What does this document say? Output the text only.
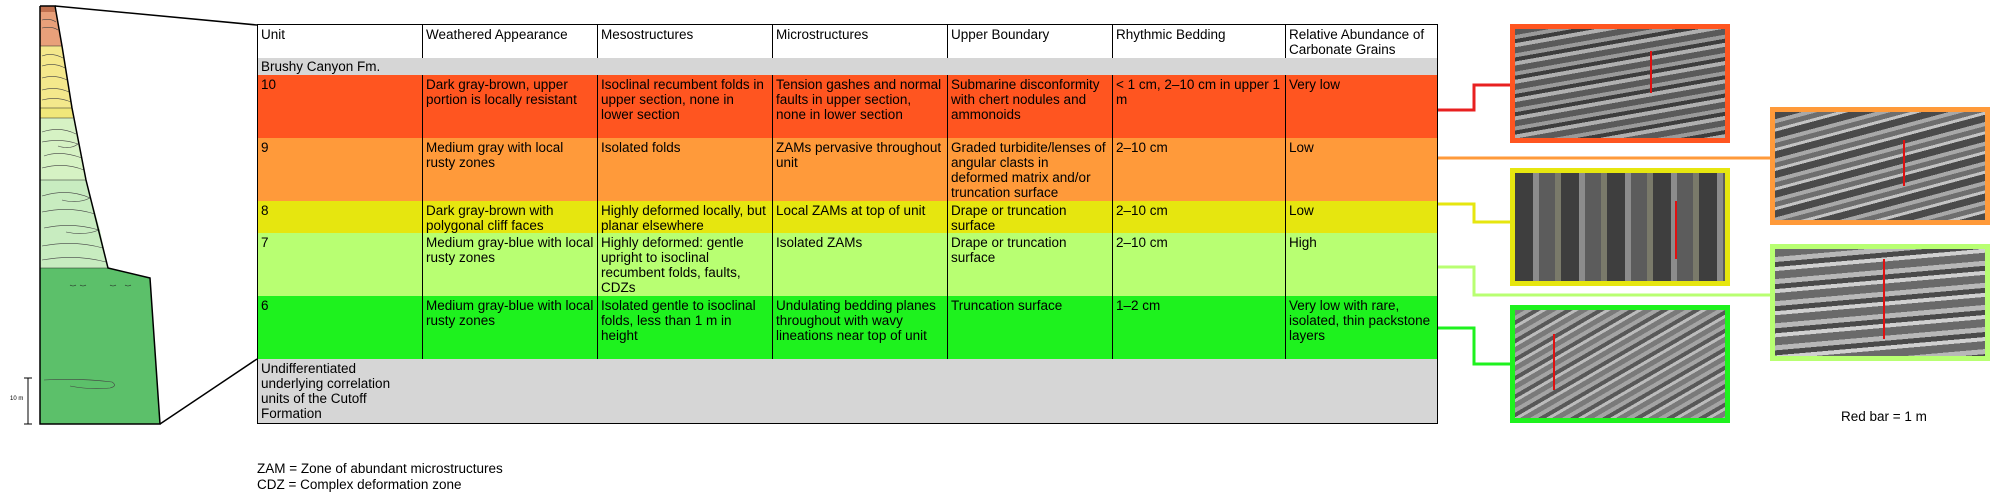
10 m
Unit	Weathered Appearance	Mesostructures	Microstructures	Upper Boundary	Rhythmic Bedding	Relative Abundance of Carbonate Grains
Brushy Canyon Fm.						
10	Dark gray-brown, upper portion is locally resistant	Isoclinal recumbent folds in upper section, none in lower section	Tension gashes and normal faults in upper section, none in lower section	Submarine disconformity with chert nodules and ammonoids	< 1 cm, 2–10 cm in upper 1 m	Very low
9	Medium gray with local rusty zones	Isolated folds	ZAMs pervasive throughout unit	Graded turbidite/lenses of angular clasts in deformed matrix and/or truncation surface	2–10 cm	Low
8	Dark gray-brown with polygonal cliff faces	Highly deformed locally, but planar elsewhere	Local ZAMs at top of unit	Drape or truncation surface	2–10 cm	Low
7	Medium gray-blue with local rusty zones	Highly deformed: gentle upright to isoclinal recumbent folds, faults, CDZs	Isolated ZAMs	Drape or truncation surface	2–10 cm	High
6	Medium gray-blue with local rusty zones	Isolated gentle to isoclinal folds, less than 1 m in height	Undulating bedding planes throughout with wavy lineations near top of unit	Truncation surface	1–2 cm	Very low with rare, isolated, thin packstone layers
Undifferentiated underlying correlation units of the Cutoff Formation						
ZAM = Zone of abundant microstructures
CDZ = Complex deformation zone
Red bar = 1 m
